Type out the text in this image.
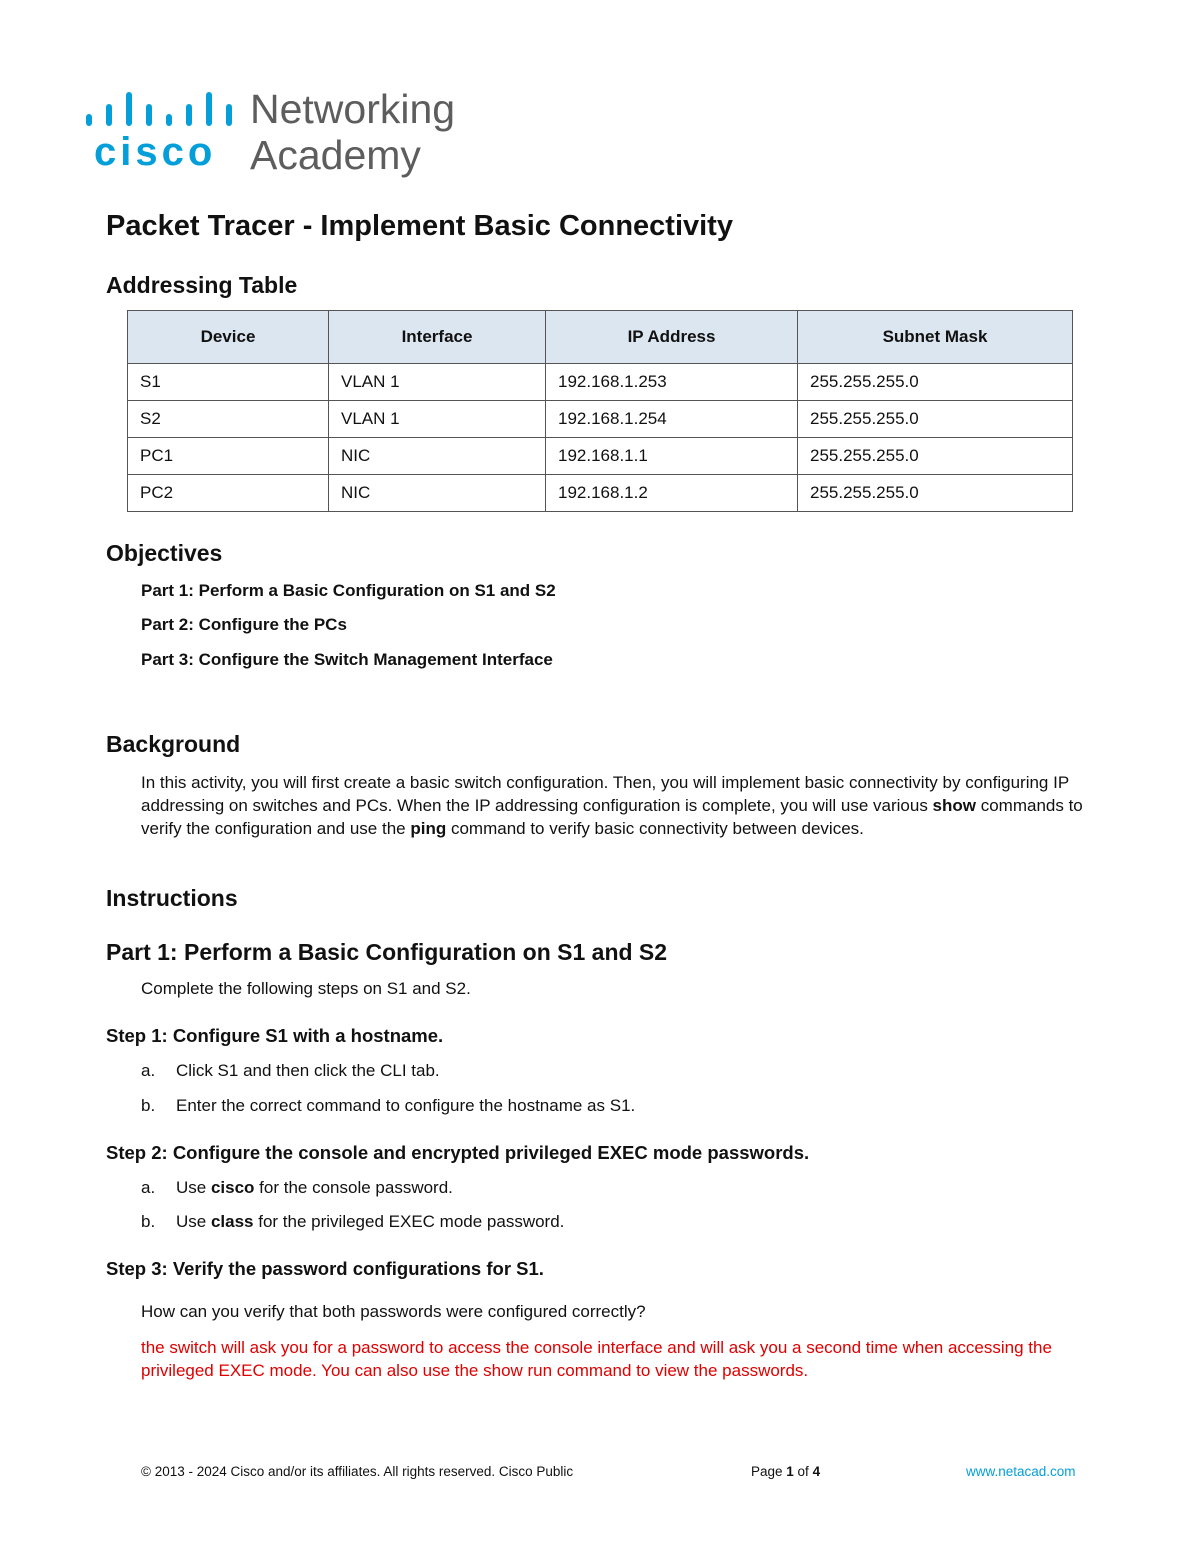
cisco
Networking
Academy
Packet Tracer - Implement Basic Connectivity
Addressing Table
Device	Interface	IP Address	Subnet Mask
S1	VLAN 1	192.168.1.253	255.255.255.0
S2	VLAN 1	192.168.1.254	255.255.255.0
PC1	NIC	192.168.1.1	255.255.255.0
PC2	NIC	192.168.1.2	255.255.255.0
Objectives

Part 1: Perform a Basic Configuration on S1 and S2

Part 2: Configure the PCs

Part 3: Configure the Switch Management Interface

Background

In this activity, you will first create a basic switch configuration. Then, you will implement basic connectivity by configuring IP addressing on switches and PCs. When the IP addressing configuration is complete, you will use various show commands to verify the configuration and use the ping command to verify basic connectivity between devices.

Instructions
Part 1: Perform a Basic Configuration on S1 and S2

Complete the following steps on S1 and S2.

Step 1: Configure S1 with a hostname.

a. Click S1 and then click the CLI tab.

b. Enter the correct command to configure the hostname as S1.

Step 2: Configure the console and encrypted privileged EXEC mode passwords.

a. Use cisco for the console password.

b. Use class for the privileged EXEC mode password.

Step 3: Verify the password configurations for S1.

How can you verify that both passwords were configured correctly?

the switch will ask you for a password to access the console interface and will ask you a second time when accessing the privileged EXEC mode. You can also use the show run command to view the passwords.

© 2013 - 2024 Cisco and/or its affiliates. All rights reserved. Cisco Public	Page 1 of 4	www.netacad.com
